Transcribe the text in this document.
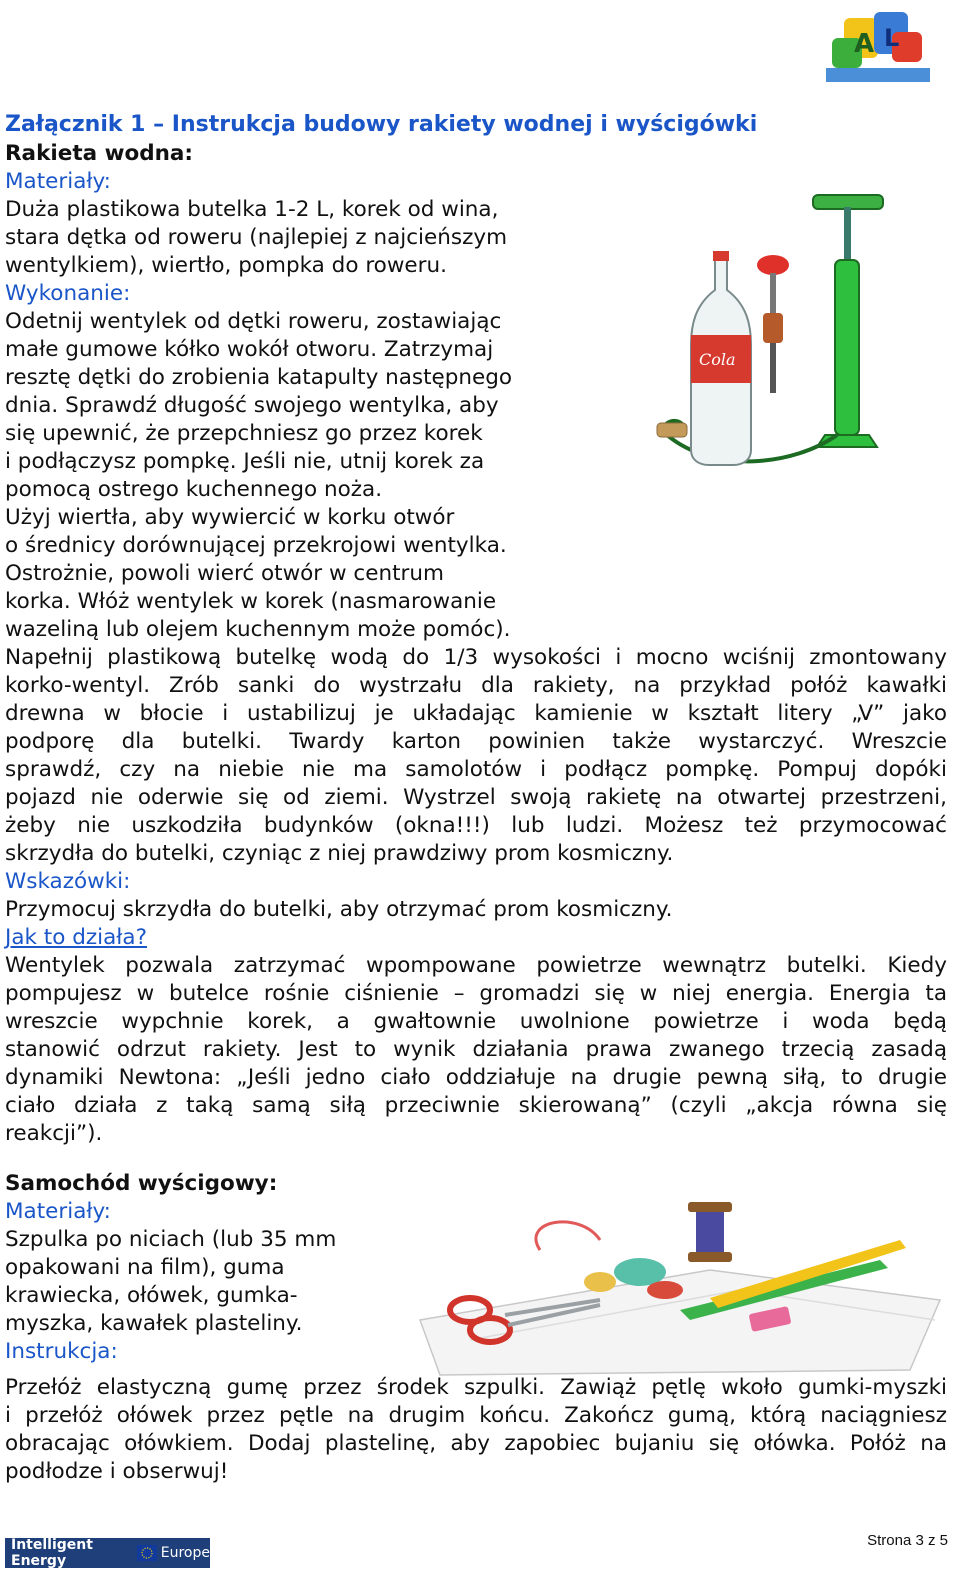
A L
Załącznik 1 – Instrukcja budowy rakiety wodnej i wyścigówki
Rakieta wodna:
Materiały:
Duża plastikowa butelka 1-2 L, korek od wina,
stara dętka od roweru (najlepiej z najcieńszym
wentylkiem), wiertło, pompka do roweru.
Wykonanie:
Odetnij wentylek od dętki roweru, zostawiając
małe gumowe kółko wokół otworu. Zatrzymaj
resztę dętki do zrobienia katapulty następnego
dnia. Sprawdź długość swojego wentylka, aby
się upewnić, że przepchniesz go przez korek
i podłączysz pompkę. Jeśli nie, utnij korek za
pomocą ostrego kuchennego noża.
Użyj wiertła, aby wywiercić w korku otwór
o średnicy dorównującej przekrojowi wentylka.
Ostrożnie, powoli wierć otwór w centrum
korka. Włóż wentylek w korek (nasmarowanie
wazeliną lub olejem kuchennym może pomóc).
Napełnij plastikową butelkę wodą do 1/3 wysokości i mocno wciśnij zmontowany
korko-wentyl. Zrób sanki do wystrzału dla rakiety, na przykład połóż kawałki
drewna w błocie i ustabilizuj je układając kamienie w kształt litery „V” jako
podporę dla butelki. Twardy karton powinien także wystarczyć. Wreszcie
sprawdź, czy na niebie nie ma samolotów i podłącz pompkę. Pompuj dopóki
pojazd nie oderwie się od ziemi. Wystrzel swoją rakietę na otwartej przestrzeni,
żeby nie uszkodziła budynków (okna!!!) lub ludzi. Możesz też przymocować
skrzydła do butelki, czyniąc z niej prawdziwy prom kosmiczny.
Wskazówki:
Przymocuj skrzydła do butelki, aby otrzymać prom kosmiczny.
Jak to działa?
Wentylek pozwala zatrzymać wpompowane powietrze wewnątrz butelki. Kiedy
pompujesz w butelce rośnie ciśnienie – gromadzi się w niej energia. Energia ta
wreszcie wypchnie korek, a gwałtownie uwolnione powietrze i woda będą
stanowić odrzut rakiety. Jest to wynik działania prawa zwanego trzecią zasadą
dynamiki Newtona: „Jeśli jedno ciało oddziałuje na drugie pewną siłą, to drugie
ciało działa z taką samą siłą przeciwnie skierowaną” (czyli „akcja równa się
reakcji”).
Cola
Samochód wyścigowy:
Materiały:
Szpulka po niciach (lub 35 mm
opakowani na film), guma
krawiecka, ołówek, gumka-
myszka, kawałek plasteliny.
Instrukcja:
Przełóż elastyczną gumę przez środek szpulki. Zawiąż pętlę wkoło gumki-myszki
i przełóż ołówek przez pętle na drugim końcu. Zakończ gumą, którą naciągniesz
obracając ołówkiem. Dodaj plastelinę, aby zapobiec bujaniu się ołówka. Połóż na
podłodze i obserwuj!
Intelligent Energy	Europe
Strona 3 z 5
